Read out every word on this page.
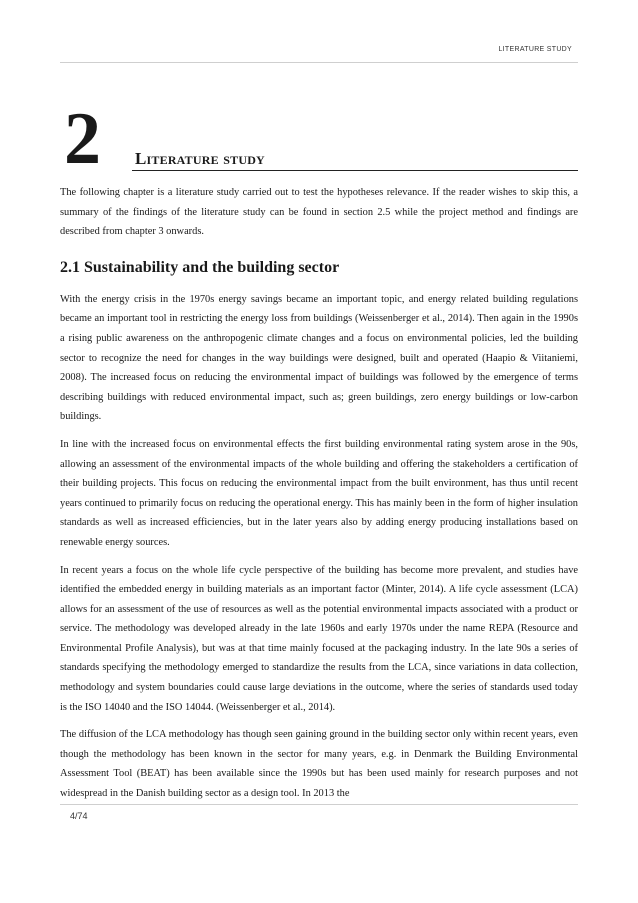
LITERATURE STUDY
2 Literature study

The following chapter is a literature study carried out to test the hypotheses relevance. If the reader wishes to skip this, a summary of the findings of the literature study can be found in section 2.5 while the project method and findings are described from chapter 3 onwards.

2.1 Sustainability and the building sector

With the energy crisis in the 1970s energy savings became an important topic, and energy related building regulations became an important tool in restricting the energy loss from buildings (Weissenberger et al., 2014). Then again in the 1990s a rising public awareness on the anthropogenic climate changes and a focus on environmental policies, led the building sector to recognize the need for changes in the way buildings were designed, built and operated (Haapio & Viitaniemi, 2008). The increased focus on reducing the environmental impact of buildings was followed by the emergence of terms describing buildings with reduced environmental impact, such as; green buildings, zero energy buildings or low-carbon buildings.

In line with the increased focus on environmental effects the first building environmental rating system arose in the 90s, allowing an assessment of the environmental impacts of the whole building and offering the stakeholders a certification of their building projects. This focus on reducing the environmental impact from the built environment, has thus until recent years continued to primarily focus on reducing the operational energy. This has mainly been in the form of higher insulation standards as well as increased efficiencies, but in the later years also by adding energy producing installations based on renewable energy sources.

In recent years a focus on the whole life cycle perspective of the building has become more prevalent, and studies have identified the embedded energy in building materials as an important factor (Minter, 2014). A life cycle assessment (LCA) allows for an assessment of the use of resources as well as the potential environmental impacts associated with a product or service. The methodology was developed already in the late 1960s and early 1970s under the name REPA (Resource and Environmental Profile Analysis), but was at that time mainly focused at the packaging industry. In the late 90s a series of standards specifying the methodology emerged to standardize the results from the LCA, since variations in data collection, methodology and system boundaries could cause large deviations in the outcome, where the series of standards used today is the ISO 14040 and the ISO 14044. (Weissenberger et al., 2014).

The diffusion of the LCA methodology has though seen gaining ground in the building sector only within recent years, even though the methodology has been known in the sector for many years, e.g. in Denmark the Building Environmental Assessment Tool (BEAT) has been available since the 1990s but has been used mainly for research purposes and not widespread in the Danish building sector as a design tool. In 2013 the

4/74
